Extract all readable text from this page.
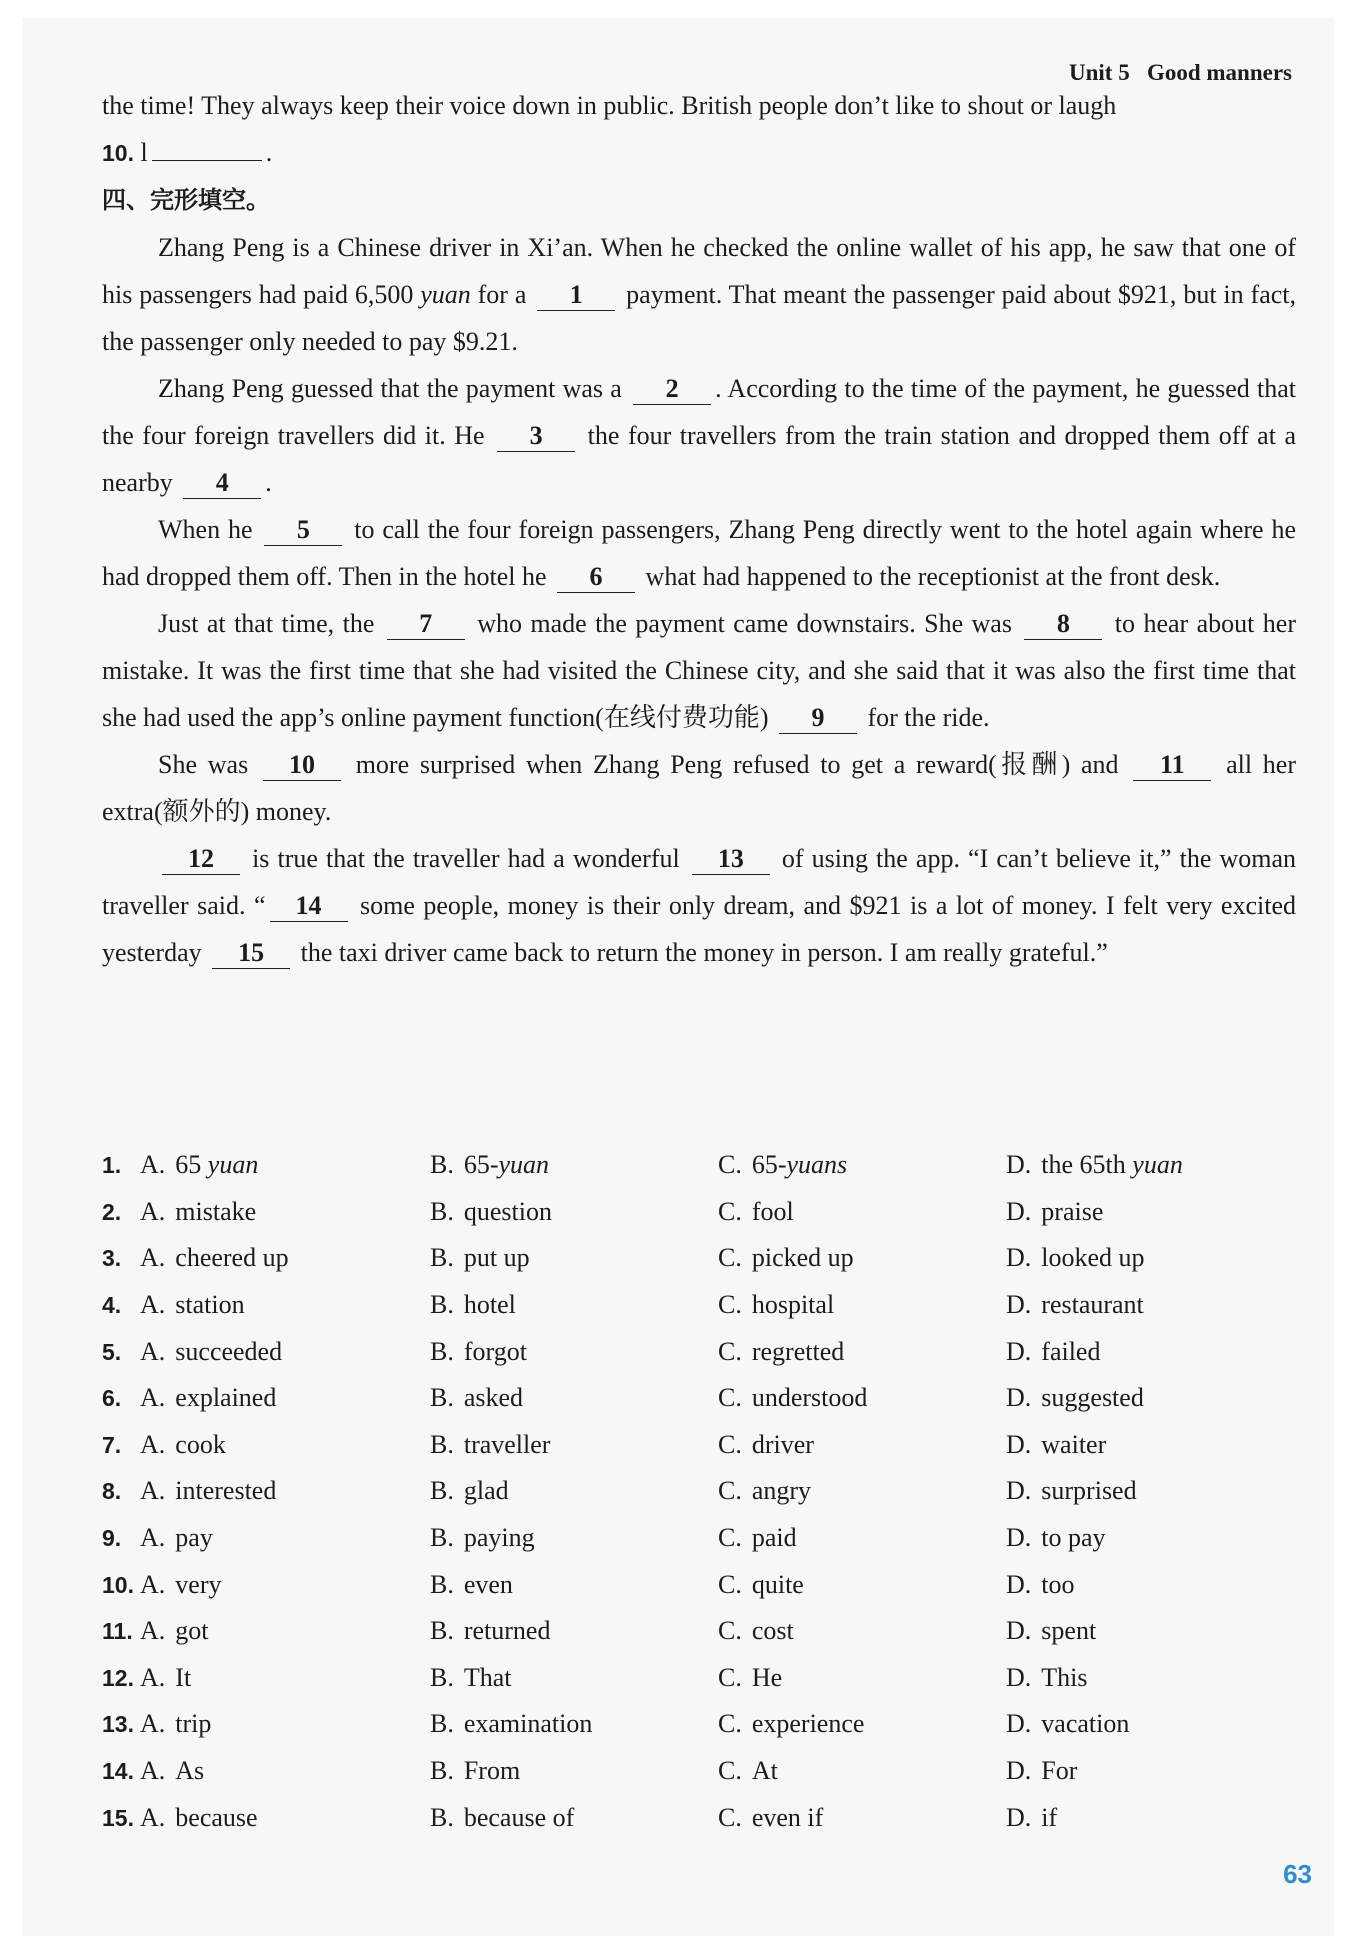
Unit 5 Good manners
the time! They always keep their voice down in public. British people don’t like to shout or laugh
10. l	.
四、完形填空。
Zhang Peng is a Chinese driver in Xi’an. When he checked the online wallet of his app, he saw that one of his passengers had paid 6,500 yuan for a 1 payment. That meant the passenger paid about $921, but in fact, the passenger only needed to pay $9.21.
Zhang Peng guessed that the payment was a 2 . According to the time of the payment, he guessed that the four foreign travellers did it. He 3 the four travellers from the train station and dropped them off at a nearby 4 .
When he 5 to call the four foreign passengers, Zhang Peng directly went to the hotel again where he had dropped them off. Then in the hotel he 6 what had happened to the receptionist at the front desk.
Just at that time, the 7 who made the payment came downstairs. She was 8 to hear about her mistake. It was the first time that she had visited the Chinese city, and she said that it was also the first time that she had used the app’s online payment function(在线付费功能) 9 for the ride.
She was 10 more surprised when Zhang Peng refused to get a reward(报酬) and 11 all her extra(额外的) money.
12 is true that the traveller had a wonderful 13 of using the app. “I can’t believe it,” the woman traveller said. “ 14 some people, money is their only dream, and $921 is a lot of money. I felt very excited yesterday 15 the taxi driver came back to return the money in person. I am really grateful.”
1. A. 65 yuan	B. 65-yuan	C. 65-yuans	D. the 65th yuan
2. A. mistake	B. question	C. fool	D. praise
3. A. cheered up	B. put up	C. picked up	D. looked up
4. A. station	B. hotel	C. hospital	D. restaurant
5. A. succeeded	B. forgot	C. regretted	D. failed
6. A. explained	B. asked	C. understood	D. suggested
7. A. cook	B. traveller	C. driver	D. waiter
8. A. interested	B. glad	C. angry	D. surprised
9. A. pay	B. paying	C. paid	D. to pay
10. A. very	B. even	C. quite	D. too
11. A. got	B. returned	C. cost	D. spent
12. A. It	B. That	C. He	D. This
13. A. trip	B. examination	C. experience	D. vacation
14. A. As	B. From	C. At	D. For
15. A. because	B. because of	C. even if	D. if
63
